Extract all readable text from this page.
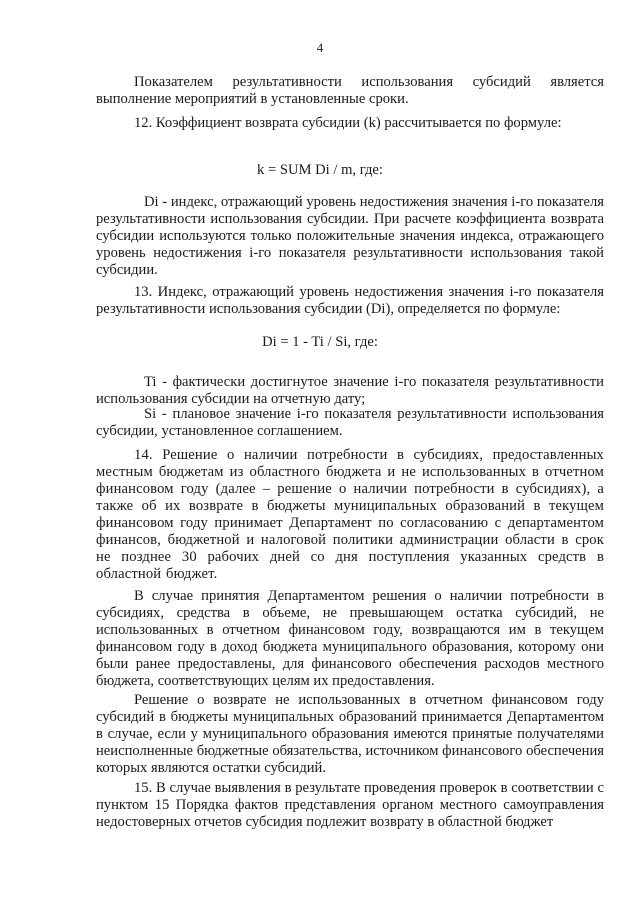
4
Показателем результативности использования субсидий является выполнение мероприятий в установленные сроки.
12. Коэффициент возврата субсидии (k) рассчитывается по формуле:
k = SUM Di / m, где:
Di - индекс, отражающий уровень недостижения значения i-го показателя результативности использования субсидии. При расчете коэффициента возврата субсидии используются только положительные значения индекса, отражающего уровень недостижения i-го показателя результативности использования такой субсидии.
13. Индекс, отражающий уровень недостижения значения i-го показателя результативности использования субсидии (Di), определяется по формуле:
Di = 1 - Ti / Si, где:
Ti - фактически достигнутое значение i-го показателя результативности использования субсидии на отчетную дату;
Si - плановое значение i-го показателя результативности использования субсидии, установленное соглашением.
14. Решение о наличии потребности в субсидиях, предоставленных местным бюджетам из областного бюджета и не использованных в отчетном финансовом году (далее – решение о наличии потребности в субсидиях), а также об их возврате в бюджеты муниципальных образований в текущем финансовом году принимает Департамент по согласованию с департаментом финансов, бюджетной и налоговой политики администрации области в срок не позднее 30 рабочих дней со дня поступления указанных средств в областной бюджет.
В случае принятия Департаментом решения о наличии потребности в субсидиях, средства в объеме, не превышающем остатка субсидий, не использованных в отчетном финансовом году, возвращаются им в текущем финансовом году в доход бюджета муниципального образования, которому они были ранее предоставлены, для финансового обеспечения расходов местного бюджета, соответствующих целям их предоставления.
Решение о возврате не использованных в отчетном финансовом году субсидий в бюджеты муниципальных образований принимается Департаментом в случае, если у муниципального образования имеются принятые получателями неисполненные бюджетные обязательства, источником финансового обеспечения которых являются остатки субсидий.
15. В случае выявления в результате проведения проверок в соответствии с пунктом 15 Порядка фактов представления органом местного самоуправления недостоверных отчетов субсидия подлежит возврату в областной бюджет
